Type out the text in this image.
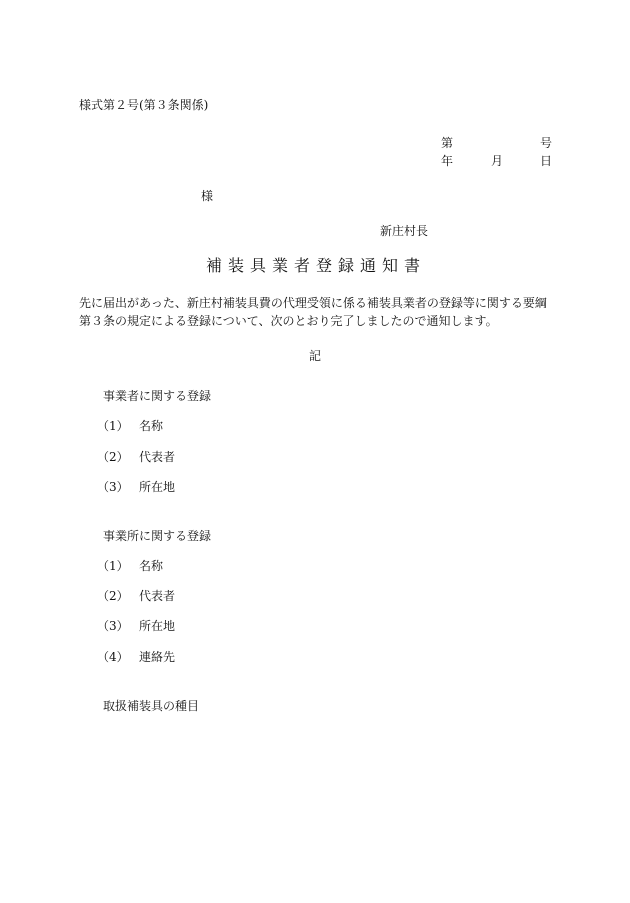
様式第２号(第３条関係)
第	号
年	月	日
様
新庄村長
補装具業者登録通知書
先に届出があった、新庄村補装具費の代理受領に係る補装具業者の登録等に関する要綱
第３条の規定による登録について、次のとおり完了しましたので通知します。
記
事業者に関する登録
（1） 名称
（2） 代表者
（3） 所在地
事業所に関する登録
（1） 名称
（2） 代表者
（3） 所在地
（4） 連絡先
取扱補装具の種目
